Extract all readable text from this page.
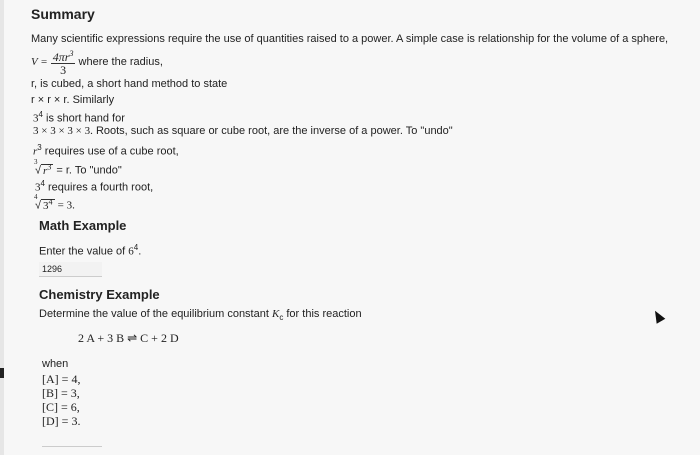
Summary
Many scientific expressions require the use of quantities raised to a power. A simple case is relationship for the volume of a sphere,
$V = \frac{4\pi r^3}{3}$ where the radius,
r, is cubed, a short hand method to state
r × r × r. Similarly
$3^4$ is short hand for
3 × 3 × 3 × 3. Roots, such as square or cube root, are the inverse of a power. To "undo"
$r^3$ requires use of a cube root,
3
√ $r^3 = r$. To "undo"
$3^4$ requires a fourth root,
4
√ $3^4 = 3$.
Math Example
Enter the value of $6^4$.
1296
Chemistry Example
Determine the value of the equilibrium constant $K_c$ for this reaction
2 A + 3 B ⇌ C + 2 D
when
[A] = 4,
[B] = 3,
[C] = 6,
[D] = 3.
